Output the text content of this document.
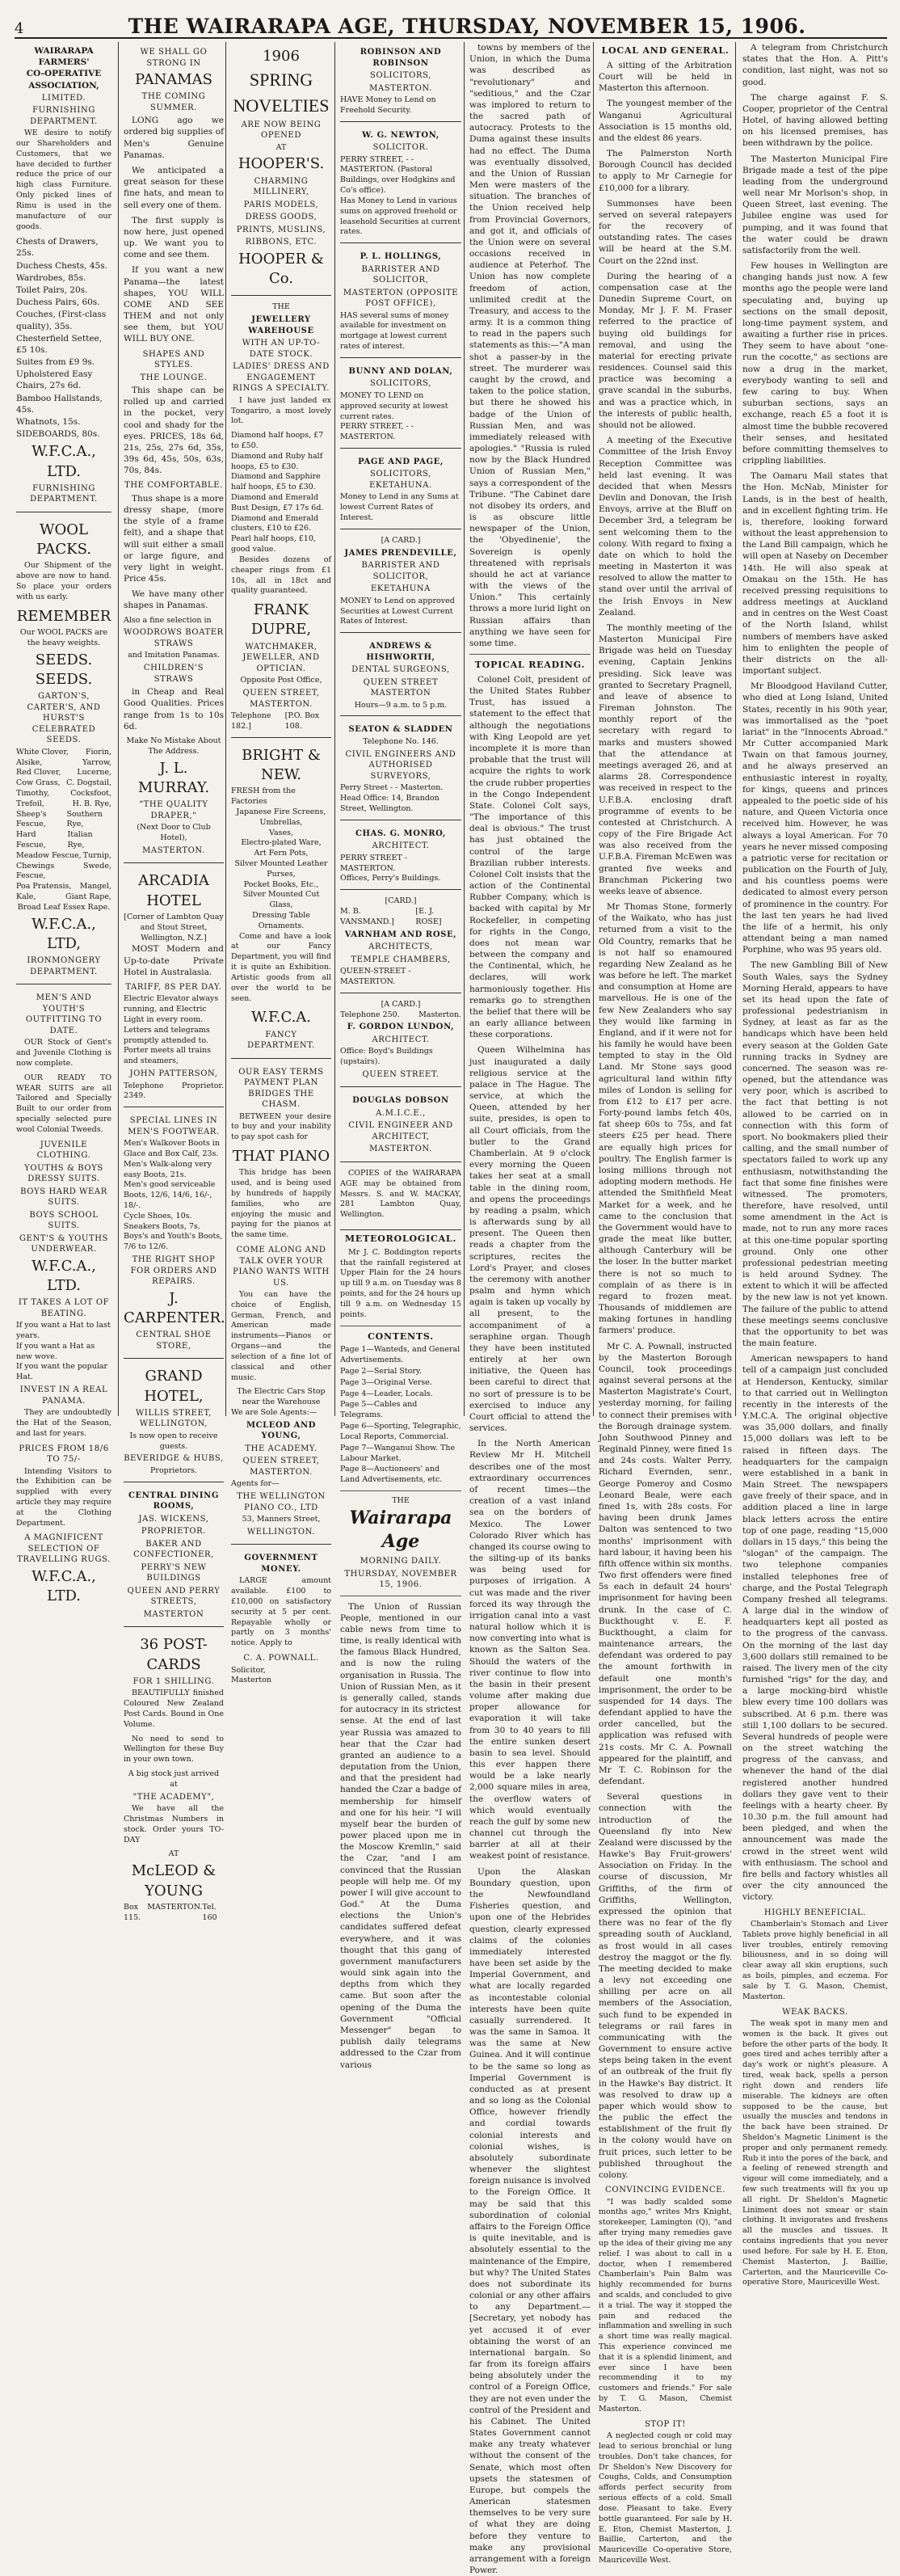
4	THE WAIRARAPA AGE, THURSDAY, NOVEMBER 15, 1906.
WAIRARAPA
FARMERS'
CO-OPERATIVE
ASSOCIATION,
LIMITED.
FURNISHING DEPARTMENT.

WE desire to notify our Shareholders and Customers, that we have decided to further reduce the price of our high class Furniture. Only picked lines of Rimu is used in the manufacture of our goods.

Chests of Drawers, 25s.
Duchess Chests, 45s.
Wardrobes, 85s.
Toilet Pairs, 20s.
Duchess Pairs, 60s.
Couches, (First-class quality), 35s.
Chesterfield Settee, £5 10s.
Suites from £9 9s.
Upholstered Easy Chairs, 27s 6d.
Bamboo Hallstands, 45s.
Whatnots, 15s.
SIDEBOARDS, 80s.
W.F.C.A., LTD.
FURNISHING DEPARTMENT.
WOOL PACKS.

Our Shipment of the above are now to hand. So place your orders with us early.

REMEMBER
Our WOOL PACKS are the heavy weights.
SEEDS. SEEDS.
GARTON'S, CARTER'S, AND HURST'S CELEBRATED SEEDS.
White Clover, Fiorin,
Alsike,	Yarrow,
Red Clover, Lucerne,
Cow Grass, C. Dogstail,
Timothy,	Cocksfoot,
Trefoil,	H. B. Rye,
Sheep's Fescue,
Southern Rye,
Hard Fescue,
Italian Rye,
Meadow Fescue, Turnip,
Chewings Fescue,
Swede,
Poa Pratensis, Mangel,
Kale,	Giant Rape,
Broad Leaf Essex Rape.
W.F.C.A., LTD,
IRONMONGERY DEPARTMENT.
MEN'S AND YOUTH'S OUTFITTING TO DATE.

OUR Stock of Gent's and Juvenile Clothing is now complete.

OUR READY TO WEAR SUITS are all Tailored and Specially Built to our order from specially selected pure wool Colonial Tweeds.

JUVENILE CLOTHING.
YOUTHS & BOYS DRESSY SUITS.
BOYS HARD WEAR SUITS.
BOYS SCHOOL SUITS.
GENT'S & YOUTHS UNDERWEAR.
W.F.C.A., LTD.
IT TAKES A LOT OF BEATING.
If you want a Hat to last years.
If you want a Hat as new wove.
If you want the popular Hat.
INVEST IN A REAL PANAMA.

They are undoubtedly the Hat of the Season, and last for years.

PRICES FROM 18/6 TO 75/-

Intending Visitors to the Exhibition can be supplied with every article they may require at the Clothing Department.

A MAGNIFICENT SELECTION OF TRAVELLING RUGS.
W.F.C.A., LTD.
WE SHALL GO STRONG IN
PANAMAS
THE COMING SUMMER.

LONG ago we ordered big supplies of Men's Genuine Panamas.

We anticipated a great season for these fine hats, and mean to sell every one of them.

The first supply is now here, just opened up. We want you to come and see them.

If you want a new Panama—the latest shapes, YOU WILL COME AND SEE THEM and not only see them, but YOU WILL BUY ONE.

SHAPES AND STYLES.
THE LOUNGE.

This shape can be rolled up and carried in the pocket, very cool and shady for the eyes. PRICES, 18s 6d, 21s, 25s, 27s 6d, 35s, 39s 6d, 45s, 50s, 63s, 70s, 84s.

THE COMFORTABLE.

Thus shape is a more dressy shape, (more the style of a frame felt), and a shape that will suit either a small or large figure, and very light in weight. Price 45s.

We have many other shapes in Panamas.

Also a fine selection in
WOODROWS BOATER STRAWS
and Imitation Panamas.
CHILDREN'S STRAWS

in Cheap and Real Good Qualities. Prices range from 1s to 10s 6d.

Make No Mistake About The Address.
J. L. MURRAY.
"THE QUALITY DRAPER,"
(Next Door to Club Hotel),
MASTERTON.
ARCADIA HOTEL
[Corner of Lambton Quay and Stout Street, Wellington, N.Z.]

MOST Modern and Up-to-date Private Hotel in Australasia.

TARIFF, 8S PER DAY.
Electric Elevator always running, and Electric Light in every room.
Letters and telegrams promptly attended to.
Porter meets all trains and steamers,
JOHN PATTERSON,
Telephone 2349.
Proprietor.
SPECIAL LINES IN MEN'S FOOTWEAR.
Men's Walkover Boots in Glace and Box Calf, 23s.
Men's Walk-along very easy Boots, 21s.
Men's good serviceable Boots, 12/6, 14/6, 16/-, 18/-.
Cycle Shoes, 10s. Sneakers Boots, 7s.
Boys's and Youth's Boots, 7/6 to 12/6.
THE RIGHT SHOP FOR ORDERS AND REPAIRS.
J. CARPENTER.
CENTRAL SHOE STORE,
GRAND HOTEL,
WILLIS STREET, WELLINGTON,
Is now open to receive guests.
BEVERIDGE & HUBS,
Proprietors.
CENTRAL DINING ROOMS,
JAS. WICKENS,
PROPRIETOR.
BAKER AND CONFECTIONER,
PERRY'S NEW BUILDINGS
QUEEN AND PERRY STREETS,
MASTERTON
36 POST-CARDS
FOR 1 SHILLING.

BEAUTIFULLY finished Coloured New Zealand Post Cards. Bound in One Volume.

No need to send to Wellington for these Buy in your own town.

A big stock just arrived at
"THE ACADEMY",

We have all the Christmas Numbers in stock. Order yours TO-DAY

AT
McLEOD & YOUNG
Box 115.
MASTERTON. Tel. 160
1906
SPRING
NOVELTIES
ARE NOW BEING OPENED
AT
HOOPER'S.
CHARMING MILLINERY,
PARIS MODELS,
DRESS GOODS,
PRINTS, MUSLINS,
RIBBONS, ETC.
HOOPER & Co.
THE
JEWELLERY WAREHOUSE
WITH AN UP-TO-DATE STOCK.
LADIES' DRESS AND ENGAGEMENT RINGS A SPECIALTY.

I have just landed ex Tongariro, a most lovely lot.

Diamond half hoops, £7 to £50.
Diamond and Ruby half hoops, £5 to £30.
Diamond and Sapphire half hoops, £5 to £30.
Diamond and Emerald Bust Design, £7 17s 6d.
Diamond and Emerald clusters, £10 to £26.
Pearl half hoops, £10, good value.

Besides dozens of cheaper rings from £1 10s, all in 18ct and quality guaranteed.

FRANK DUPRE,
WATCHMAKER, JEWELLER, AND OPTICIAN.
Opposite Post Office,
QUEEN STREET, MASTERTON.
Telephone 182.]
[P.O. Box 108.
BRIGHT & NEW.
FRESH from the Factories
Japanese Fire Screens,
Umbrellas,
Vases,
Electro-plated Ware,
Art Fern Pots,
Silver Mounted Leather Purses,
Pocket Books, Etc.,
Silver Mounted Cut Glass,
Dressing Table Ornaments.

Come and have a look at our Fancy Department, you will find it is quite an Exhibition. Artistic goods from all over the world to be seen.

W.F.C.A.
FANCY DEPARTMENT.
OUR EASY TERMS PAYMENT PLAN BRIDGES THE CHASM.

BETWEEN your desire to buy and your inability to pay spot cash for

THAT PIANO

This bridge has been used, and is being used by hundreds of happily families, who are enjoying the music and paying for the pianos at the same time.

COME ALONG AND TALK OVER YOUR PIANO WANTS WITH US.

You can have the choice of English, German, French, and American made instruments—Pianos or Organs—and the selection of a fine lot of classical and other music.

The Electric Cars Stop near the Warehouse
We are Sole Agents:—
MCLEOD AND YOUNG,
THE ACADEMY.
QUEEN STREET, MASTERTON.
Agents for—
THE WELLINGTON PIANO CO., LTD
53, Manners Street,
WELLINGTON.
GOVERNMENT MONEY.

LARGE amount available. £100 to £10,000 on satisfactory security at 5 per cent. Repayable wholly or partly on 3 months' notice. Apply to

C. A. POWNALL.
Solicitor,
Masterton
ROBINSON AND ROBINSON
SOLICITORS,
MASTERTON.
HAVE Money to Lend on Freehold Security.
W. G. NEWTON,
SOLICITOR.
PERRY STREET, - - MASTERTON. (Pastoral Buildings, over Hodgkins and Co's office).
Has Money to Lend in various sums on approved freehold or leasehold Securities at current rates.
P. L. HOLLINGS,
BARRISTER AND SOLICITOR,
MASTERTON (OPPOSITE POST OFFICE),
HAS several sums of money available for investment on mortgage at lowest current rates of interest.
BUNNY AND DOLAN,
SOLICITORS,
MONEY TO LEND on approved security at lowest current rates.
PERRY STREET, - - MASTERTON.
PAGE AND PAGE,
SOLICITORS, EKETAHUNA.
Money to Lend in any Sums at lowest Current Rates of Interest.
[A CARD.]
JAMES PRENDEVILLE,
BARRISTER AND SOLICITOR,
EKETAHUNA
MONEY to Lend on approved Securities at Lowest Current Rates of Interest.
ANDREWS & HISHWORTH,
DENTAL SURGEONS,
QUEEN STREET MASTERTON
Hours—9 a.m. to 5 p.m.
SEATON & SLADDEN
Telephone No. 146.
CIVIL ENGINEERS AND AUTHORISED SURVEYORS,
Perry Street - - Masterton.
Head Office: 14, Brandon Street, Wellington.
CHAS. G. MONRO,
ARCHITECT.
PERRY STREET - MASTERTON.
Offices, Perry's Buildings.
[CARD.]
M. B. VANSMAND.]
[E. J. ROSE]
VARNHAM AND ROSE,
ARCHITECTS,
TEMPLE CHAMBERS,
QUEEN-STREET - MASTERTON.
[A CARD.]
Telephone 250. Masterton.
F. GORDON LUNDON,
ARCHITECT.
Office: Boyd's Buildings (upstairs).
QUEEN STREET.
DOUGLAS DOBSON
A.M.I.C.E.,
CIVIL ENGINEER AND ARCHITECT,
MASTERTON.

COPIES of the WAIRARAPA AGE may be obtained from Messrs. S. and W. MACKAY, 281 Lambton Quay, Wellington.

METEOROLOGICAL.

Mr J. C. Boddington reports that the rainfall registered at Upper Plain for the 24 hours up till 9 a.m. on Tuesday was 8 points, and for the 24 hours up till 9 a.m. on Wednesday 15 points.

CONTENTS.
Page 1—Wanteds, and General Advertisements.
Page 2—Serial Story.
Page 3—Original Verse.
Page 4—Leader, Locals.
Page 5—Cables and Telegrams.
Page 6—Sporting, Telegraphic, Local Reports, Commercial.
Page 7—Wanganui Show. The Labour Market.
Page 8—Auctioneers' and Land Advertisements, etc.
THE
Wairarapa Age
MORNING DAILY.
THURSDAY, NOVEMBER 15, 1906.

The Union of Russian People, mentioned in our cable news from time to time, is really identical with the famous Black Hundred, and is now the ruling organisation in Russia. The Union of Russian Men, as it is generally called, stands for autocracy in its strictest sense. At the end of last year Russia was amazed to hear that the Czar had granted an audience to a deputation from the Union, and that the president had handed the Czar a badge of membership for himself and one for his heir. "I will myself bear the burden of power placed upon me in the Moscow Kremlin," said the Czar, "and I am convinced that the Russian people will help me. Of my power I will give account to God." At the Duma elections the Union's candidates suffered defeat everywhere, and it was thought that this gang of government manufacturers would sink again into the depths from which they came. But soon after the opening of the Duma the Government "Official Messenger" began to publish daily telegrams addressed to the Czar from various

towns by members of the Union, in which the Duma was described as "revolutionary" and "seditious," and the Czar was implored to return to the sacred path of autocracy. Protests to the Duma against these insults had no effect. The Duma was eventually dissolved, and the Union of Russian Men were masters of the situation. The branches of the Union received help from Provincial Governors, and got it, and officials of the Union were on several occasions received in audience at Peterhof. The Union has now complete freedom of action, unlimited credit at the Treasury, and access to the army. It is a common thing to read in the papers such statements as this:—"A man shot a passer-by in the street. The murderer was caught by the crowd, and taken to the police station, but there he showed his badge of the Union of Russian Men, and was immediately released with apologies." "Russia is ruled now by the Black Hundred Union of Russian Men," says a correspondent of the Tribune. "The Cabinet dare not disobey its orders, and is as obscure little newspaper of the Union, the 'Obyedinenie', the Sovereign is openly threatened with reprisals should he act at variance with the views of the Union." This certainly throws a more lurid light on Russian affairs than anything we have seen for some time.

TOPICAL READING.

Colonel Colt, president of the United States Rubber Trust, has issued a statement to the effect that although the negotiations with King Leopold are yet incomplete it is more than probable that the trust will acquire the rights to work the crude rubber properties in the Congo Independent State. Colonel Colt says, "The importance of this deal is obvious." The trust has just obtained the control of the large Brazilian rubber interests. Colonel Colt insists that the action of the Continental Rubber Company, which is backed with capital by Mr Rockefeller, in competing for rights in the Congo, does not mean war between the company and the Continental, which, he declares, will work harmoniously together. His remarks go to strengthen the belief that there will be an early alliance between these corporations.

Queen Wilhelmina has just inaugurated a daily religious service at the palace in The Hague. The service, at which the Queen, attended by her suite, presides, is open to all Court officials, from the butler to the Grand Chamberlain. At 9 o'clock every morning the Queen takes her seat at a small table in the dining room, and opens the proceedings by reading a psalm, which is afterwards sung by all present. The Queen then reads a chapter from the scriptures, recites the Lord's Prayer, and closes the ceremony with another psalm and hymn which again is taken up vocally by all present, to the accompaniment of a seraphine organ. Though they have been instituted entirely at her own initiative, the Queen has been careful to direct that no sort of pressure is to be exercised to induce any Court official to attend the services.

In the North American Review Mr H. Mitchell describes one of the most extraordinary occurrences of recent times—the creation of a vast inland sea on the borders of Mexico. The Lower Colorado River which has changed its course owing to the silting-up of its banks was being used for purposes of irrigation. A cut was made and the river forced its way through the irrigation canal into a vast natural hollow which it is now converting into what is known as the Salton Sea. Should the waters of the river continue to flow into the basin in their present volume after making due proper allowance for evaporation it will take from 30 to 40 years to fill the entire sunken desert basin to sea level. Should this ever happen there would be a lake nearly 2,000 square miles in area, the overflow waters of which would eventually reach the gulf by some new channel cut through the barrier at all at their weakest point of resistance.

Upon the Alaskan Boundary question, upon the Newfoundland Fisheries question, and upon one of the Hebrides question, clearly expressed claims of the colonies immediately interested have been set aside by the Imperial Government, and what are locally regarded as incontestable colonial interests have been quite casually surrendered. It was the same in Samoa. It was the same at New Guinea. And it will continue to be the same so long as Imperial Government is conducted as at present and so long as the Colonial Office, however friendly and cordial towards colonial interests and colonial wishes, is absolutely subordinate whenever the slightest foreign nuisance is involved to the Foreign Office. It may be said that this subordination of colonial affairs to the Foreign Office is quite inevitable, and is absolutely essential to the maintenance of the Empire, but why? The United States does not subordinate its colonial or any other affairs to any Department.—[Secretary, yet nobody has yet accused it of ever obtaining the worst of an international bargain. So far from its foreign affairs being absolutely under the control of a Foreign Office, they are not even under the control of the President and his Cabinet. The United States Government cannot make any treaty whatever without the consent of the Senate, which most often upsets the statesmen of Europe, but compels the American statesmen themselves to be very sure of what they are doing before they venture to make any provisional arrangement with a foreign Power.

LOCAL AND GENERAL.

A sitting of the Arbitration Court will be held in Masterton this afternoon.

The youngest member of the Wanganui Agricultural Association is 15 months old, and the eldest 86 years.

The Palmerston North Borough Council has decided to apply to Mr Carnegie for £10,000 for a library.

Summonses have been served on several ratepayers for the recovery of outstanding rates. The cases will be heard at the S.M. Court on the 22nd inst.

During the hearing of a compensation case at the Dunedin Supreme Court, on Monday, Mr J. F. M. Fraser referred to the practice of buying old buildings for removal, and using the material for erecting private residences. Counsel said this practice was becoming a grave scandal in the suburbs, and was a practice which, in the interests of public health, should not be allowed.

A meeting of the Executive Committee of the Irish Envoy Reception Committee was held last evening. It was decided that when Messrs Devlin and Donovan, the Irish Envoys, arrive at the Bluff on December 3rd, a telegram be sent welcoming them to the colony. With regard to fixing a date on which to hold the meeting in Masterton it was resolved to allow the matter to stand over until the arrival of the Irish Envoys in New Zealand.

The monthly meeting of the Masterton Municipal Fire Brigade was held on Tuesday evening, Captain Jenkins presiding. Sick leave was granted to Secretary Pragnell, and leave of absence to Fireman Johnston. The monthly report of the secretary with regard to marks and musters showed that the attendance at meetings averaged 26, and at alarms 28. Correspondence was received in respect to the U.F.B.A. enclosing draft programme of events to be contested at Christchurch. A copy of the Fire Brigade Act was also received from the U.F.B.A. Fireman McEwen was granted five weeks and Branchman Pickering two weeks leave of absence.

Mr Thomas Stone, formerly of the Waikato, who has just returned from a visit to the Old Country, remarks that he is not half so enamoured regarding New Zealand as he was before he left. The market and consumption at Home are marvellous. He is one of the few New Zealanders who say they would like farming in England, and if it were not for his family he would have been tempted to stay in the Old Land. Mr Stone says good agricultural land within fifty miles of London is selling for from £12 to £17 per acre. Forty-pound lambs fetch 40s, fat sheep 60s to 75s, and fat steers £25 per head. There are equally high prices for poultry. The English farmer is losing millions through not adopting modern methods. He attended the Smithfield Meat Market for a week, and he came to the conclusion that the Government would have to grade the meat like butter, although Canterbury will be the loser. In the butter market there is not so much to complain of as there is in regard to frozen meat. Thousands of middlemen are making fortunes in handling farmers' produce.

Mr C. A. Pownall, instructed by the Masterton Borough Council, took proceedings against several persons at the Masterton Magistrate's Court, yesterday morning, for failing to connect their premises with the Borough drainage system. John Southwood Pinney and Reginald Pinney, were fined 1s and 24s costs. Walter Perry, Richard Evernden, senr., George Pomeroy and Cosmo Leonard Beale, were each fined 1s, with 28s costs. For having been drunk James Dalton was sentenced to two months' imprisonment with hard labour, it having been his fifth offence within six months. Two first offenders were fined 5s each in default 24 hours' imprisonment for having been drunk. In the case of C. Buckthought v. E. F. Buckthought, a claim for maintenance arrears, the defendant was ordered to pay the amount forthwith in default one month's imprisonment, the order to be suspended for 14 days. The defendant applied to have the order cancelled, but the application was refused with 21s costs. Mr C. A. Pownall appeared for the plaintiff, and Mr T. C. Robinson for the defendant.

Several questions in connection with the introduction of the Queensland fly into New Zealand were discussed by the Hawke's Bay Fruit-growers' Association on Friday. In the course of discussion, Mr Griffiths, of the firm of Griffiths, Wellington, expressed the opinion that there was no fear of the fly spreading south of Auckland, as frost would in all cases destroy the maggot or the fly. The meeting decided to make a levy not exceeding one shilling per acre on all members of the Association, such fund to be expended in telegrams or rail fares in communicating with the Government to ensure active steps being taken in the event of an outbreak of the fruit fly in the Hawke's Bay district. It was resolved to draw up a paper which would show to the public the effect the establishment of the fruit fly in the colony would have on fruit prices, such letter to be published throughout the colony.

CONVINCING EVIDENCE.

"I was badly scalded some months ago," writes Mrs Knight, storekeeper, Lamington (Q), "and after trying many remedies gave up the idea of their giving me any relief. I was about to call in a doctor, when I remembered Chamberlain's Pain Balm was highly recommended for burns and scalds, and concluded to give it a trial. The way it stopped the pain and reduced the inflammation and swelling in such a short time was really magical. This experience convinced me that it is a splendid liniment, and ever since I have been recommending it to my customers and friends." For sale by T. G. Mason, Chemist Masterton.

STOP IT!

A neglected cough or cold may lead to serious bronchial or lung troubles. Don't take chances, for Dr Sheldon's New Discovery for Coughs, Colds, and Consumption affords perfect security from serious effects of a cold. Small dose. Pleasant to take. Every bottle guaranteed. For sale by H. E. Eton, Chemist Masterton, J. Baillie, Carterton, and the Mauriceville Co-operative Store, Mauriceville West.

A telegram from Christchurch states that the Hon. A. Pitt's condition, last night, was not so good.

The charge against F. S. Cooper, proprietor of the Central Hotel, of having allowed betting on his licensed premises, has been withdrawn by the police.

The Masterton Municipal Fire Brigade made a test of the pipe leading from the underground well near Mr Morlson's shop, in Queen Street, last evening. The Jubilee engine was used for pumping, and it was found that the water could be drawn satisfactorily from the well.

Few houses in Wellington are changing hands just now. A few months ago the people were land speculating and, buying up sections on the small deposit, long-time payment system, and awaiting a further rise in prices. They seem to have about "one-run the cocotte," as sections are now a drug in the market, everybody wanting to sell and few caring to buy. When suburban sections, says an exchange, reach £5 a foot it is almost time the bubble recovered their senses, and hesitated before committing themselves to crippling liabilities.

The Oamaru Mail states that the Hon. McNab, Minister for Lands, is in the best of health, and in excellent fighting trim. He is, therefore, looking forward without the least apprehension to the Land Bill campaign, which he will open at Naseby on December 14th. He will also speak at Omakau on the 15th. He has received pressing requisitions to address meetings at Auckland and in centres on the West Coast of the North Island, whilst numbers of members have asked him to enlighten the people of their districts on the all-important subject.

Mr Bloodgood Haviland Cutter, who died at Long Island, United States, recently in his 90th year, was immortalised as the "poet lariat" in the "Innocents Abroad." Mr Cutter accompanied Mark Twain on that famous journey, and he always preserved an enthusiastic interest in royalty, for kings, queens and princes appealed to the poetic side of his nature, and Queen Victoria once received him. However, he was always a loyal American. For 70 years he never missed composing a patriotic verse for recitation or publication on the Fourth of July, and his countless poems were dedicated to almost every person of prominence in the country. For the last ten years he had lived the life of a hermit, his only attendant being a man named Porphine, who was 95 years old.

The new Gambling Bill of New South Wales, says the Sydney Morning Herald, appears to have set its head upon the fate of professional pedestrianism in Sydney, at least as far as the handicaps which have been held every season at the Golden Gate running tracks in Sydney are concerned. The season was re-opened, but the attendance was very poor, which is ascribed to the fact that betting is not allowed to be carried on in connection with this form of sport. No bookmakers plied their calling, and the small number of spectators failed to work up any enthusiasm, notwithstanding the fact that some fine finishes were witnessed. The promoters, therefore, have resolved, until some amendment in the Act is made, not to run any more races at this one-time popular sporting ground. Only one other professional pedestrian meeting is held around Sydney. The extent to which it will be affected by the new law is not yet known. The failure of the public to attend these meetings seems conclusive that the opportunity to bet was the main feature.

American newspapers to hand tell of a campaign just concluded at Henderson, Kentucky, similar to that carried out in Wellington recently in the interests of the Y.M.C.A. The original objective was 35,000 dollars, and finally 15,000 dollars was left to be raised in fifteen days. The headquarters for the campaign were established in a bank in Main Street. The newspapers gave freely of their space, and in addition placed a line in large black letters across the entire top of one page, reading "15,000 dollars in 15 days," this being the "slogan" of the campaign. The two telephone companies installed telephones free of charge, and the Postal Telegraph Company freshed all telegrams. A large dial in the window of headquarters kept all posted as to the progress of the canvass. On the morning of the last day 3,600 dollars still remained to be raised. The livery men of the city furnished "rigs" for the day, and a large mocking-bird whistle blew every time 100 dollars was subscribed. At 6 p.m. there was still 1,100 dollars to be secured. Several hundreds of people were on the street watching the progress of the canvass, and whenever the hand of the dial registered another hundred dollars they gave vent to their feelings with a hearty cheer. By 10.30 p.m. the full amount had been pledged, and when the announcement was made the crowd in the street went wild with enthusiasm. The school and fire bells and factory whistles all over the city announced the victory.

HIGHLY BENEFICIAL.

Chamberlain's Stomach and Liver Tablets prove highly beneficial in all liver troubles, entirely removing biliousness, and in so doing will clear away all skin eruptions, such as boils, pimples, and eczema. For sale by T. G. Mason, Chemist, Masterton.

WEAK BACKS.

The weak spot in many men and women is the back. It gives out before the other parts of the body. It goes tired and aches terribly after a day's work or night's pleasure. A tired, weak back, spells a person right down and renders life miserable. The kidneys are often supposed to be the cause, but usually the muscles and tendons in the back have been strained. Dr Sheldon's Magnetic Liniment is the proper and only permanent remedy. Rub it into the pores of the back, and a feeling of renewed strength and vigour will come immediately, and a few such treatments will fix you up all right. Dr Sheldon's Magnetic Liniment does not smear or stain clothing. It invigorates and freshens all the muscles and tissues. It contains ingredients that you never used before. For sale by H. E. Eton, Chemist Masterton, J. Baillie, Carterton, and the Mauriceville Co-operative Store, Mauriceville West.
